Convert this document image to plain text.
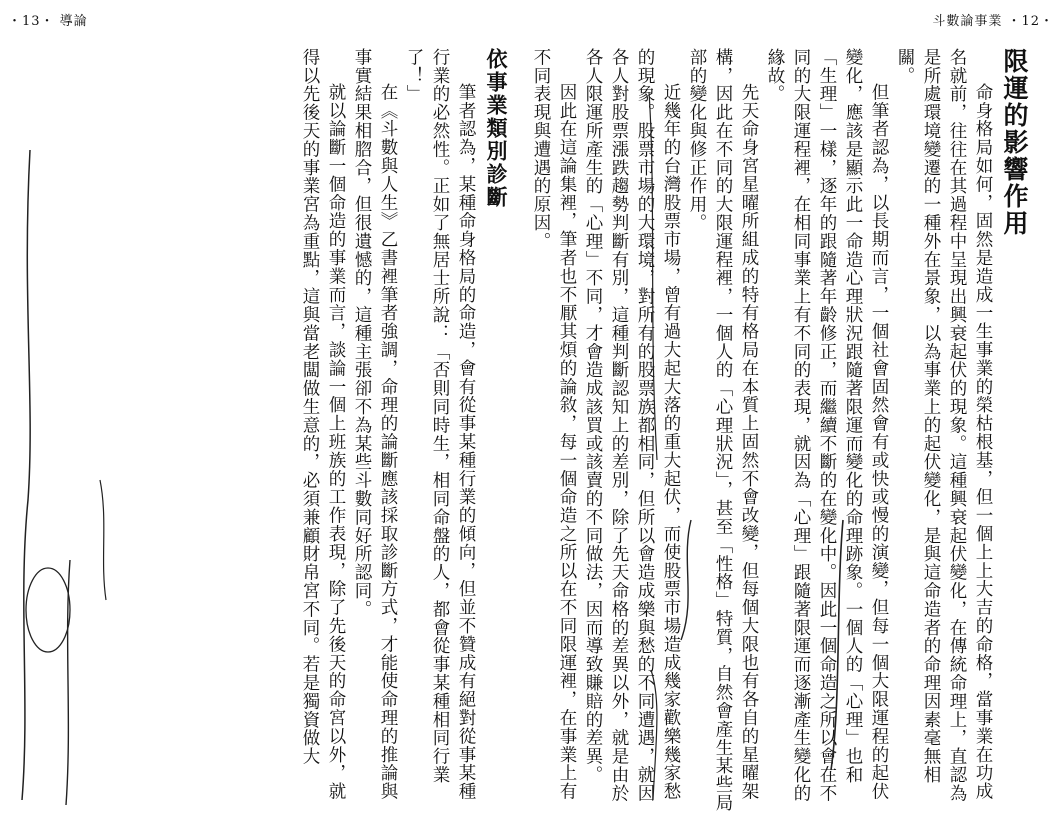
斗數論事業 ・12・
限運的影響作用
命身格局如何，固然是造成一生事業的榮枯根基，但一個上上大吉的命格，當事業在功成名就前，往往在其過程中呈現出興衰起伏的現象。這種興衰起伏變化，在傳統命理上，直認為是所處環境變遷的一種外在景象，以為事業上的起伏變化，是與這命造者的命理因素毫無相關。
但筆者認為，以長期而言，一個社會固然會有或快或慢的演變，但每一個大限運程的起伏變化，應該是顯示此一命造心理狀況跟隨著限運而變化的命理跡象。一個人的「心理」也和「生理」一樣，逐年的跟隨著年齡修正，而繼續不斷的在變化中。因此一個命造之所以會在不同的大限運程裡，在相同事業上有不同的表現，就因為「心理」跟隨著限運而逐漸產生變化的緣故。
先天命身宮星曜所組成的特有格局在本質上固然不會改變，但每個大限也有各自的星曜架構，因此在不同的大限運程裡，一個人的「心理狀況」，甚至「性格」特質，自然會產生某些局部的變化與修正作用。
近幾年的台灣股票市場，曾有過大起大落的重大起伏，而使股票市場造成幾家歡樂幾家愁的現象。股票市場的大環境，對所有的股票族都相同，但所以會造成樂與愁的不同遭遇，就因各人對股票漲跌趨勢判斷有別，這種判斷認知上的差別，除了先天命格的差異以外，就是由於各人限運所產生的「心理」不同，才會造成該買或該賣的不同做法，因而導致賺賠的差異。
因此在這論集裡，筆者也不厭其煩的論敘，每一個命造之所以在不同限運裡，在事業上有不同表現與遭遇的原因。
・13・ 導論
依事業類別診斷
筆者認為，某種命身格局的命造，會有從事某種行業的傾向，但並不贊成有絕對從事某種行業的必然性。正如了無居士所說：「否則同時生，相同命盤的人，都會從事某種相同行業了！」
在《斗數與人生》乙書裡筆者強調，命理的論斷應該採取診斷方式，才能使命理的推論與事實結果相脗合，但很遺憾的，這種主張卻不為某些斗數同好所認同。
就以論斷一個命造的事業而言，談論一個上班族的工作表現，除了先後天的命宮以外，就得以先後天的事業宮為重點，這與當老闆做生意的，必須兼顧財帛宮不同。若是獨資做大
